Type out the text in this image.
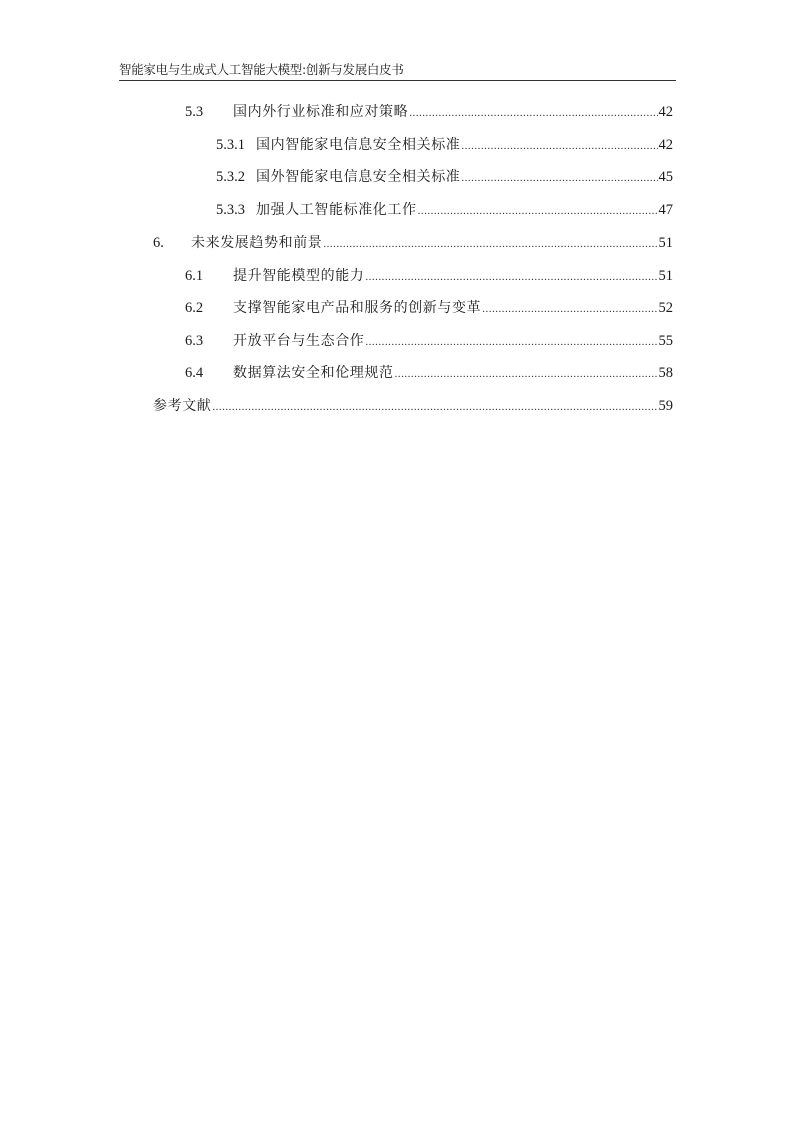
智能家电与生成式人工智能大模型:创新与发展白皮书
5.3	国内外行业标准和应对策略 .....	42
5.3.1 国内智能家电信息安全相关标准 .....	42
5.3.2 国外智能家电信息安全相关标准 .....	45
5.3.3 加强人工智能标准化工作 .....	47
6.	未来发展趋势和前景 .....	51
6.1	提升智能模型的能力 .....	51
6.2	支撑智能家电产品和服务的创新与变革 .....	52
6.3	开放平台与生态合作 .....	55
6.4	数据算法安全和伦理规范 .....	58
参考文献 .....	59
